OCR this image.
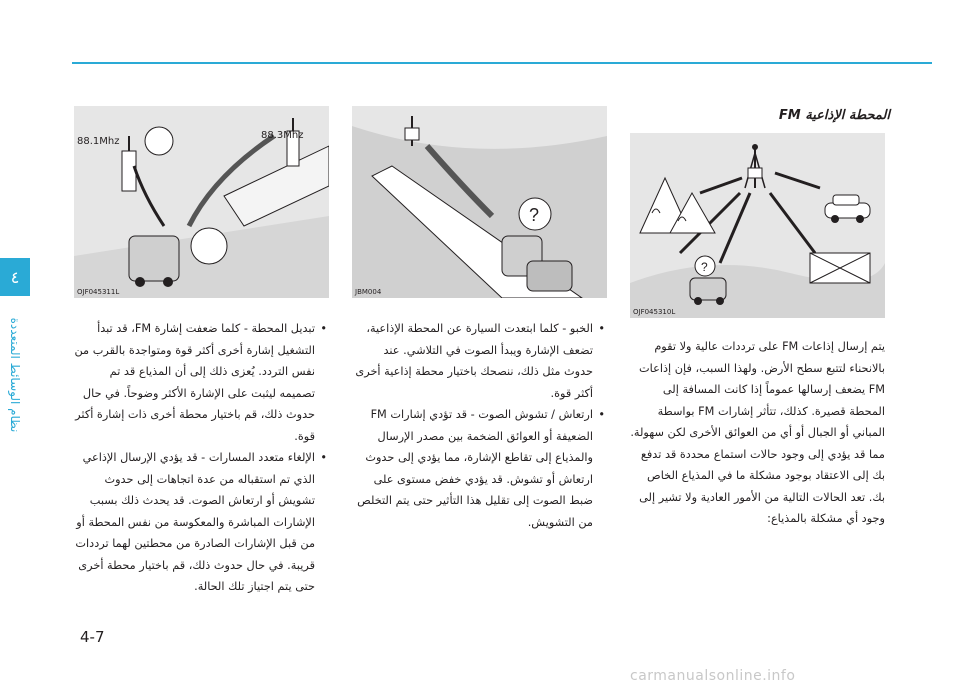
نظام الوسائط المتعددة
٤
المحطة الإذاعية FM
?
OJF045310L
?
JBM004
88.1Mhz
88.3Mhz
OJF045311L

يتم إرسال إذاعات FM على ترددات عالية ولا تقوم بالانحناء لتتبع سطح الأرض. ولهذا السبب، فإن إذاعات FM يضعف إرسالها عموماً إذا كانت المسافة إلى المحطة قصيرة. كذلك، تتأثر إشارات FM بواسطة المباني أو الجبال أو أي من العوائق الأخرى لكن سهولة. مما قد يؤدي إلى وجود حالات استماع محددة قد تدفع بك إلى الاعتقاد بوجود مشكلة ما في المذياع الخاص بك. تعد الحالات التالية من الأمور العادية ولا تشير إلى وجود أي مشكلة بالمذياع:

• الخبو - كلما ابتعدت السيارة عن المحطة الإذاعية، تضعف الإشارة ويبدأ الصوت في التلاشي. عند حدوث مثل ذلك، ننصحك باختيار محطة إذاعية أخرى أكثر قوة.
• ارتعاش / تشوش الصوت - قد تؤدي إشارات FM الضعيفة أو العوائق الضخمة بين مصدر الإرسال والمذياع إلى تقاطع الإشارة، مما يؤدي إلى حدوث ارتعاش أو تشوش. قد يؤدي خفض مستوى على ضبط الصوت إلى تقليل هذا التأثير حتى يتم التخلص من التشويش.
• تبديل المحطة - كلما ضعفت إشارة FM، قد تبدأ التشغيل إشارة أخرى أكثر قوة ومتواجدة بالقرب من نفس التردد. يُعزى ذلك إلى أن المذياع قد تم تصميمه ليثبت على الإشارة الأكثر وضوحاً. في حال حدوث ذلك، قم باختيار محطة أخرى ذات إشارة أكثر قوة.
• الإلغاء متعدد المسارات - قد يؤدي الإرسال الإذاعي الذي تم استقباله من عدة اتجاهات إلى حدوث تشويش أو ارتعاش الصوت. قد يحدث ذلك بسبب الإشارات المباشرة والمعكوسة من نفس المحطة أو من قبل الإشارات الصادرة من محطتين لهما ترددات قريبة. في حال حدوث ذلك، قم باختيار محطة أخرى حتى يتم اجتياز تلك الحالة.
4-7
carmanualsonline.info
